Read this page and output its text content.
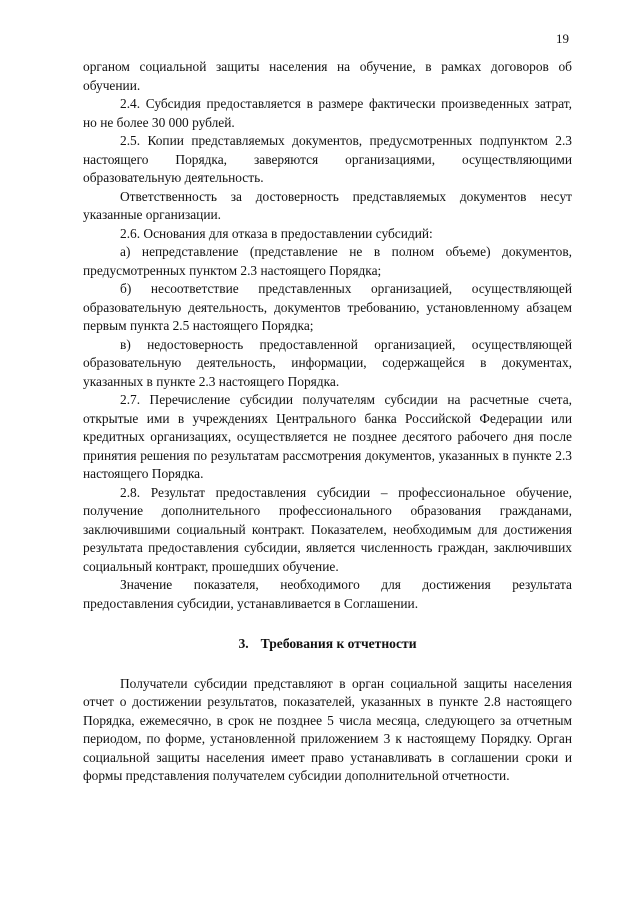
19

органом социальной защиты населения на обучение, в рамках договоров об обучении.

2.4. Субсидия предоставляется в размере фактически произведенных затрат, но не более 30 000 рублей.

2.5. Копии представляемых документов, предусмотренных подпунктом 2.3 настоящего Порядка, заверяются организациями, осуществляющими образовательную деятельность.

Ответственность за достоверность представляемых документов несут указанные организации.

2.6. Основания для отказа в предоставлении субсидий:

а) непредставление (представление не в полном объеме) документов, предусмотренных пунктом 2.3 настоящего Порядка;

б) несоответствие представленных организацией, осуществляющей образовательную деятельность, документов требованию, установленному абзацем первым пункта 2.5 настоящего Порядка;

в) недостоверность предоставленной организацией, осуществляющей образовательную деятельность, информации, содержащейся в документах, указанных в пункте 2.3 настоящего Порядка.

2.7. Перечисление субсидии получателям субсидии на расчетные счета, открытые ими в учреждениях Центрального банка Российской Федерации или кредитных организациях, осуществляется не позднее десятого рабочего дня после принятия решения по результатам рассмотрения документов, указанных в пункте 2.3 настоящего Порядка.

2.8. Результат предоставления субсидии – профессиональное обучение, получение дополнительного профессионального образования гражданами, заключившими социальный контракт. Показателем, необходимым для достижения результата предоставления субсидии, является численность граждан, заключивших социальный контракт, прошедших обучение.

Значение показателя, необходимого для достижения результата предоставления субсидии, устанавливается в Соглашении.

3. Требования к отчетности

Получатели субсидии представляют в орган социальной защиты населения отчет о достижении результатов, показателей, указанных в пункте 2.8 настоящего Порядка, ежемесячно, в срок не позднее 5 числа месяца, следующего за отчетным периодом, по форме, установленной приложением 3 к настоящему Порядку. Орган социальной защиты населения имеет право устанавливать в соглашении сроки и формы представления получателем субсидии дополнительной отчетности.
